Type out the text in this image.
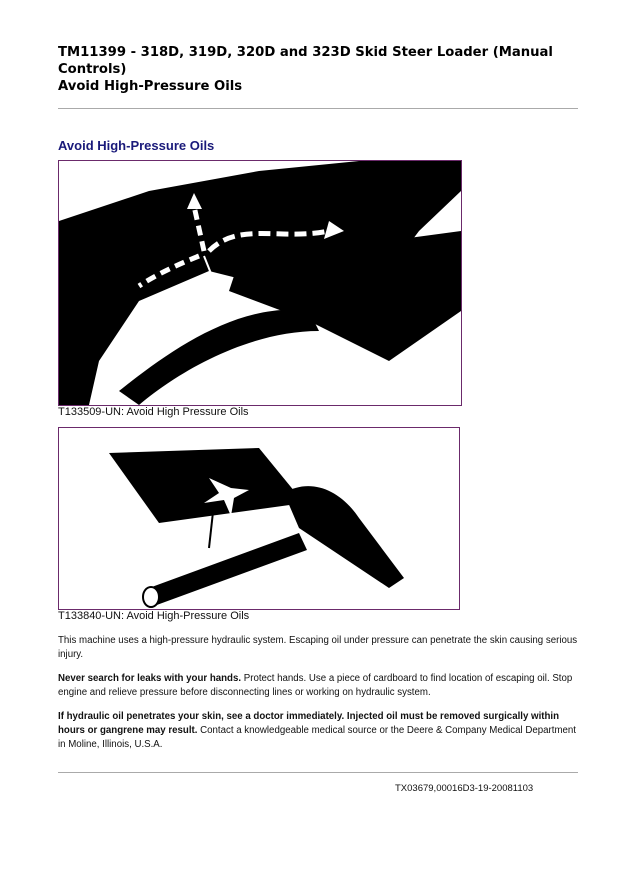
TM11399 - 318D, 319D, 320D and 323D Skid Steer Loader (Manual Controls)
Avoid High-Pressure Oils
Avoid High-Pressure Oils
T133509-UN: Avoid High Pressure Oils
T133840-UN: Avoid High-Pressure Oils
This machine uses a high-pressure hydraulic system. Escaping oil under pressure can penetrate the skin causing serious injury.
Never search for leaks with your hands. Protect hands. Use a piece of cardboard to find location of escaping oil. Stop engine and relieve pressure before disconnecting lines or working on hydraulic system.
If hydraulic oil penetrates your skin, see a doctor immediately. Injected oil must be removed surgically within hours or gangrene may result. Contact a knowledgeable medical source or the Deere & Company Medical Department in Moline, Illinois, U.S.A.
TX03679,00016D3-19-20081103
